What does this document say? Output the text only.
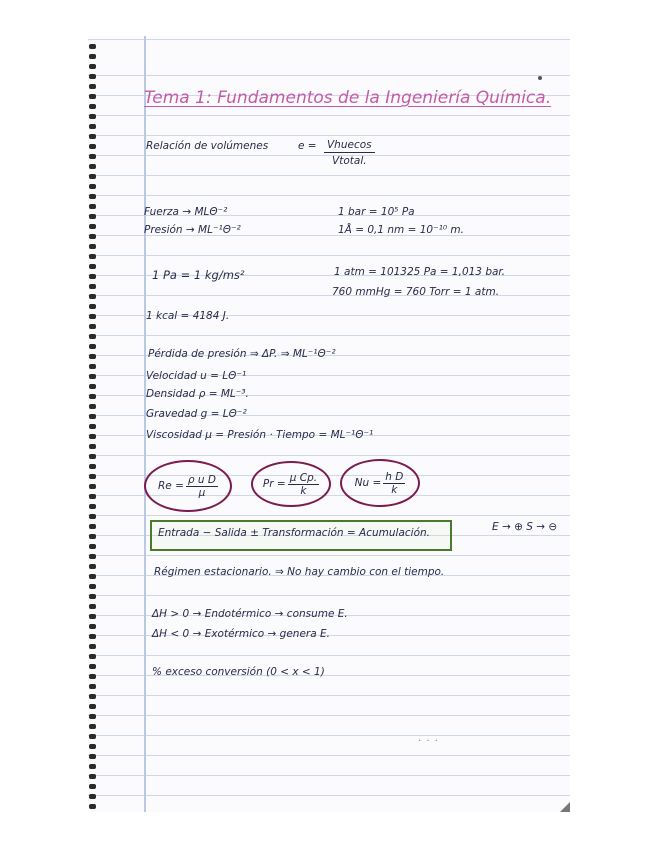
· · ·
Tema 1: Fundamentos de la Ingeniería Química.
Relación de volúmenes	e = Vhuecos
Vtotal.
Fuerza → MLΘ⁻²
Presión → ML⁻¹Θ⁻²
1 bar = 10⁵ Pa
1Å = 0,1 nm = 10⁻¹⁰ m.
1 Pa = 1 kg/ms²	1 atm = 101325 Pa = 1,013 bar.
760 mmHg = 760 Torr = 1 atm.
1 kcal = 4184 J.
Pérdida de presión ⇒ ΔP. ⇒ ML⁻¹Θ⁻²
Velocidad u = LΘ⁻¹
Densidad ρ = ML⁻³.
Gravedad g = LΘ⁻²
Viscosidad μ = Presión · Tiempo = ML⁻¹Θ⁻¹
$Re = \frac{\text{ρ u D}}{\mu}$	$Pr = \frac{\text{μ Cp.}}{k}$	$Nu = \frac{\text{h D}}{k}$
Entrada − Salida ± Transformación = Acumulación.	E → ⊕ S → ⊖
Régimen estacionario. ⇒ No hay cambio con el tiempo.
ΔH > 0 → Endotérmico → consume E.
ΔH < 0 → Exotérmico → genera E.
% exceso conversión (0 < x < 1)
